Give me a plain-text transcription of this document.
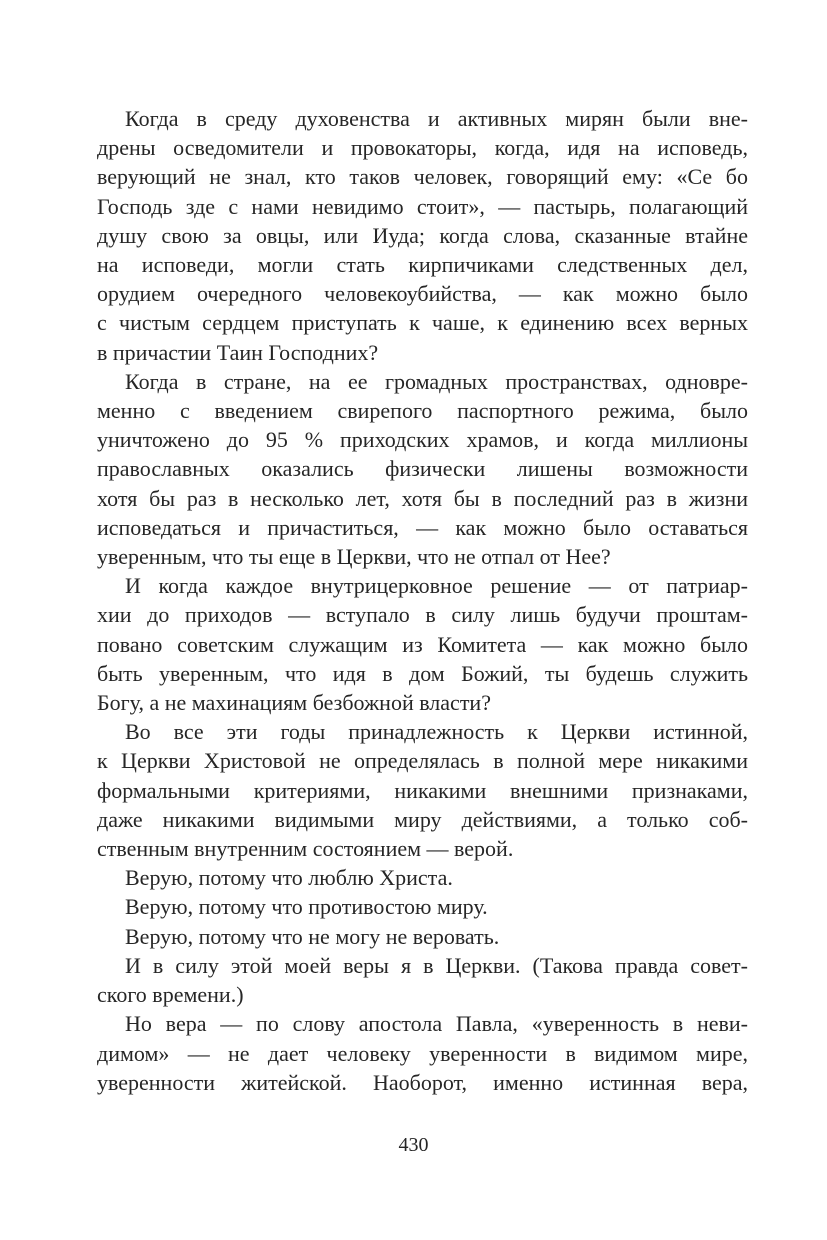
Когда в среду духовенства и активных мирян были вне-
дрены осведомители и провокаторы, когда, идя на исповедь,
верующий не знал, кто таков человек, говорящий ему: «Се бо
Господь зде с нами невидимо стоит», — пастырь, полагающий
душу свою за овцы, или Иуда; когда слова, сказанные втайне
на исповеди, могли стать кирпичиками следственных дел,
орудием очередного человекоубийства, — как можно было
с чистым сердцем приступать к чаше, к единению всех верных
в причастии Таин Господних?
Когда в стране, на ее громадных пространствах, одновре-
менно с введением свирепого паспортного режима, было
уничтожено до 95 % приходских храмов, и когда миллионы
православных оказались физически лишены возможности
хотя бы раз в несколько лет, хотя бы в последний раз в жизни
исповедаться и причаститься, — как можно было оставаться
уверенным, что ты еще в Церкви, что не отпал от Нее?
И когда каждое внутрицерковное решение — от патриар-
хии до приходов — вступало в силу лишь будучи проштам-
повано советским служащим из Комитета — как можно было
быть уверенным, что идя в дом Божий, ты будешь служить
Богу, а не махинациям безбожной власти?
Во все эти годы принадлежность к Церкви истинной,
к Церкви Христовой не определялась в полной мере никакими
формальными критериями, никакими внешними признаками,
даже никакими видимыми миру действиями, а только соб-
ственным внутренним состоянием — верой.
Верую, потому что люблю Христа.
Верую, потому что противостою миру.
Верую, потому что не могу не веровать.
И в силу этой моей веры я в Церкви. (Такова правда совет-
ского времени.)
Но вера — по слову апостола Павла, «уверенность в неви-
димом» — не дает человеку уверенности в видимом мире,
уверенности житейской. Наоборот, именно истинная вера,
430
